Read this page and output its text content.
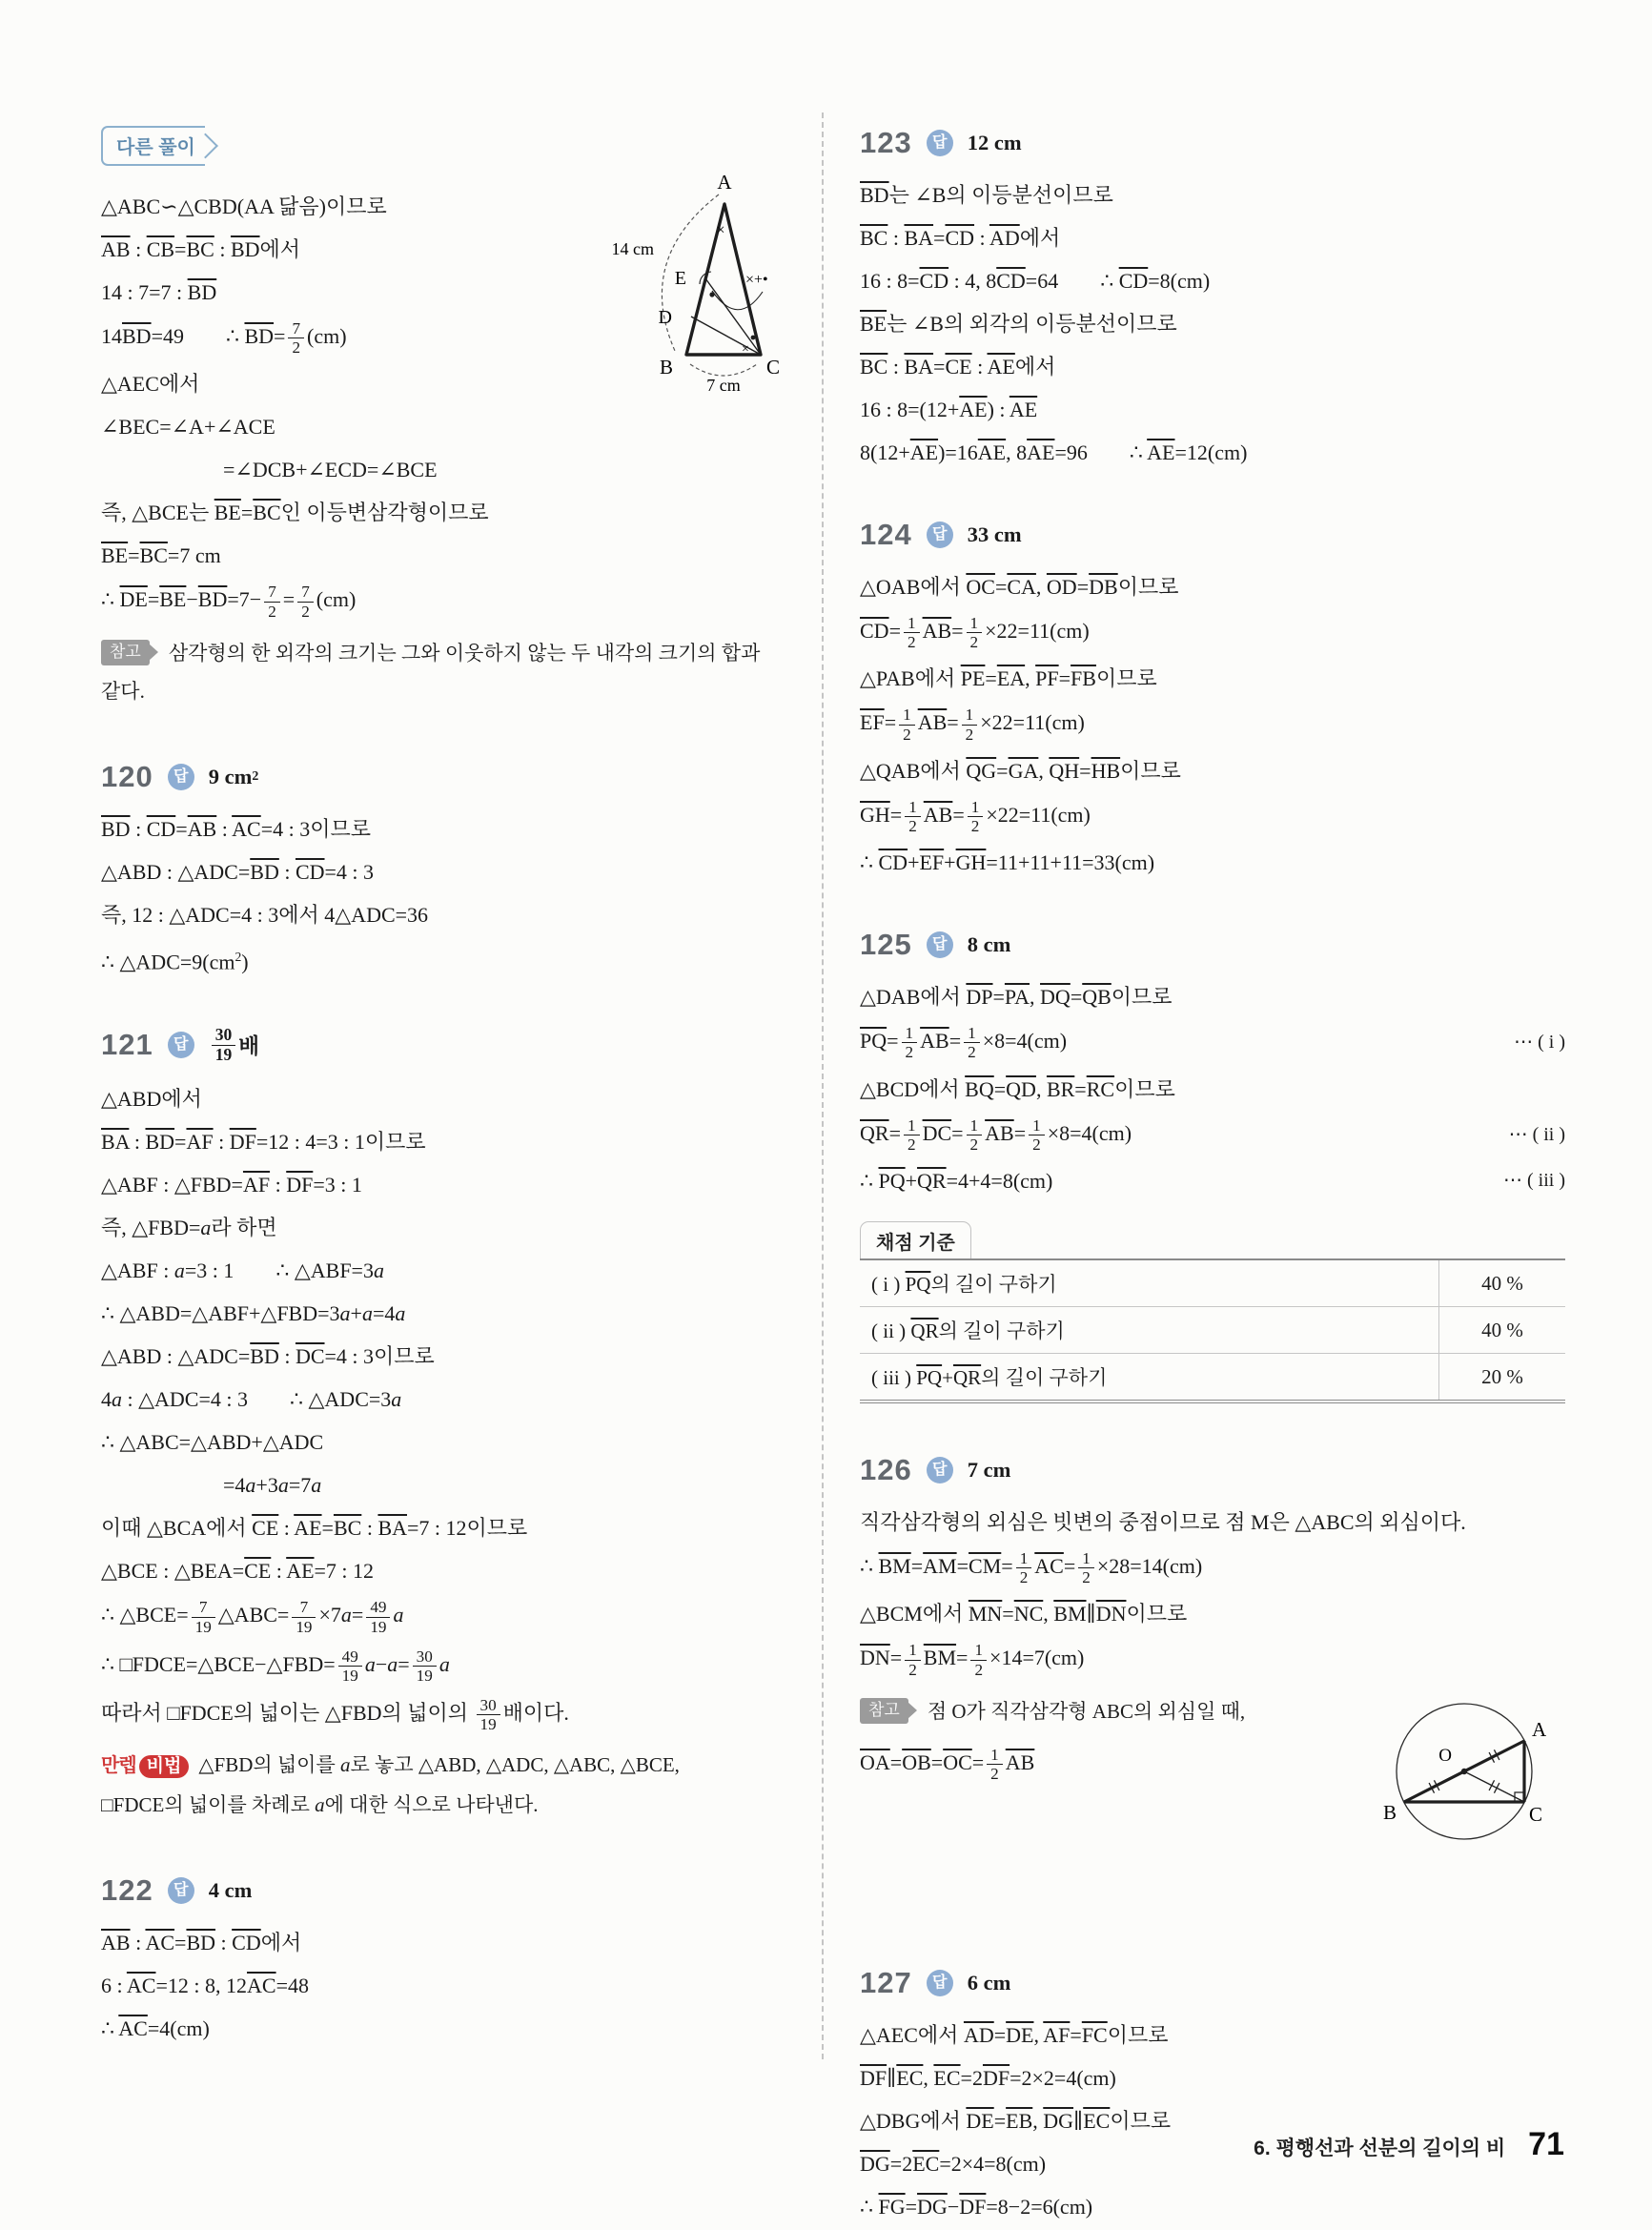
다른 풀이
×
×+•
×
A
B	C
E
D
14 cm
7 cm
△ABC∽△CBD(AA 닮음)이므로
$\overline{AB}$ : $\overline{CB}=\overline{BC}$ : $\overline{BD}$에서
14 : 7=7 : $\overline{BD}$
$14\overline{BD}=49$  ∴ $\overline{BD}= \frac{7}{2} (cm)$
△AEC에서
∠BEC=∠A+∠ACE
=∠DCB+∠ECD=∠BCE
즉, △BCE는 $\overline{BE}=\overline{BC}$인 이등변삼각형이므로
$\overline{BE}=\overline{BC}=7$ cm
∴ $\overline{DE}=\overline{BE}-\overline{BD}=7- \frac{7}{2} = \frac{7}{2} (cm)$
참고 삼각형의 한 외각의 크기는 그와 이웃하지 않는 두 내각의 크기의 합과 같다.
120	답 9 cm 2
$\overline{BD}$ : $\overline{CD}=\overline{AB}$ : $\overline{AC}=4$ : 3이므로
△ABD : $\triangle ADC=\overline{BD}$ : $\overline{CD}=4$ : 3
즉, 12 : △ADC=4 : 3에서 4△ADC=36
∴ $\triangle ADC=9(cm^2)$
121	답	$\frac{30}{19}$ 배
△ABD에서
$\overline{BA}$ : $\overline{BD}=\overline{AF}$ : $\overline{DF}=12$ : 4=3 : 1이므로
△ABF : $\triangle FBD=\overline{AF}$ : $\overline{DF}=3$ : 1
즉, △FBD=a라 하면
△ABF : a=3 : 1  ∴ △ABF=3a
∴ △ABD=△ABF+△FBD=3a+a=4a
△ABD : $\triangle ADC=\overline{BD}$ : $\overline{DC}=4$ : 3이므로
4a : △ADC=4 : 3  ∴ △ADC=3a
∴ △ABC=△ABD+△ADC
=4a+3a=7a
이때 △BCA에서 $\overline{CE}$ : $\overline{AE}=\overline{BC}$ : $\overline{BA}=7$ : 12이므로
△BCE : $\triangle BEA=\overline{CE}$ : $\overline{AE}=7$ : 12
∴ △BCE= $\frac{7}{19}$ △ABC= $\frac{7}{19} \times 7a= \frac{49}{19}$ a
∴ □FDCE=△BCE−△FBD= $\frac{49}{19} a-a= \frac{30}{19}$ a
따라서 □FDCE의 넓이는 △FBD의 넓이의 $\frac{30}{19}$ 배이다.
만렙 비법 △FBD의 넓이를 a로 놓고 △ABD, △ADC, △ABC, △BCE,
□FDCE의 넓이를 차례로 a에 대한 식으로 나타낸다.
122	답 4 cm
$\overline{AB}$ : $\overline{AC}=\overline{BD}$ : $\overline{CD}$에서
6 : $\overline{AC}=12$ : 8, $12\overline{AC}=48$
∴ $\overline{AC}=4(cm)$
123	답 12 cm
$\overline{BD}$는 ∠B의 이등분선이므로
$\overline{BC}$ : $\overline{BA}=\overline{CD}$ : $\overline{AD}$에서
16 : $8=\overline{CD}$ : 4, $8\overline{CD}=64$  ∴ $\overline{CD}=8(cm)$
$\overline{BE}$는 ∠B의 외각의 이등분선이므로
$\overline{BC}$ : $\overline{BA}=\overline{CE}$ : $\overline{AE}$에서
16 : $8=(12+\overline{AE})$ : $\overline{AE}$
$8(12+\overline{AE})=16\overline{AE}$, $8\overline{AE}=96$  ∴ $\overline{AE}=12(cm)$
124	답 33 cm
△OAB에서 $\overline{OC}=\overline{CA}$, $\overline{OD}=\overline{DB}$이므로
$\overline{CD}= \frac{1}{2} \overline{AB}= \frac{1}{2} \times 22=11(cm)$
△PAB에서 $\overline{PE}=\overline{EA}$, $\overline{PF}=\overline{FB}$이므로
$\overline{EF}= \frac{1}{2} \overline{AB}= \frac{1}{2} \times 22=11(cm)$
△QAB에서 $\overline{QG}=\overline{GA}$, $\overline{QH}=\overline{HB}$이므로
$\overline{GH}= \frac{1}{2} \overline{AB}= \frac{1}{2} \times 22=11(cm)$
∴ $\overline{CD}+\overline{EF}+\overline{GH}=11+11+11=33(cm)$
125	답 8 cm
△DAB에서 $\overline{DP}=\overline{PA}$, $\overline{DQ}=\overline{QB}$이므로
$\overline{PQ}= \frac{1}{2} \overline{AB}= \frac{1}{2} \times 8=4(cm)$	⋯ ( i )
△BCD에서 $\overline{BQ}=\overline{QD}$, $\overline{BR}=\overline{RC}$이므로
$\overline{QR}= \frac{1}{2} \overline{DC}= \frac{1}{2} \overline{AB}= \frac{1}{2} \times 8=4(cm)$	⋯ ( ii )
∴ $\overline{PQ}+\overline{QR}=4+4=8(cm)$	⋯ ( iii )
채점 기준
( i ) $\overline{PQ}$의 길이 구하기	40 %
( ii ) $\overline{QR}$의 길이 구하기	40 %
( iii ) $\overline{PQ}+\overline{QR}$의 길이 구하기	20 %
126	답 7 cm
직각삼각형의 외심은 빗변의 중점이므로 점 M은 △ABC의 외심이다.
∴ $\overline{BM}=\overline{AM}=\overline{CM}= \frac{1}{2} \overline{AC}= \frac{1}{2} \times 28=14(cm)$
△BCM에서 $\overline{MN}=\overline{NC}$, $\overline{BM}\parallel\overline{DN}$이므로
$\overline{DN}= \frac{1}{2} \overline{BM}= \frac{1}{2} \times 14=7(cm)$
O
A
B	C
참고 점 O가 직각삼각형 ABC의 외심일 때,
$\overline{OA}=\overline{OB}=\overline{OC}= \frac{1}{2} \overline{AB}$
127	답 6 cm
△AEC에서 $\overline{AD}=\overline{DE}$, $\overline{AF}=\overline{FC}$이므로
$\overline{DF}\parallel\overline{EC}$, $\overline{EC}=2\overline{DF}=2\times 2=4(cm)$
△DBG에서 $\overline{DE}=\overline{EB}$, $\overline{DG}\parallel\overline{EC}$이므로
$\overline{DG}=2\overline{EC}=2\times 4=8(cm)$
∴ $\overline{FG}=\overline{DG}-\overline{DF}=8-2=6(cm)$
6. 평행선과 선분의 길이의 비 71
